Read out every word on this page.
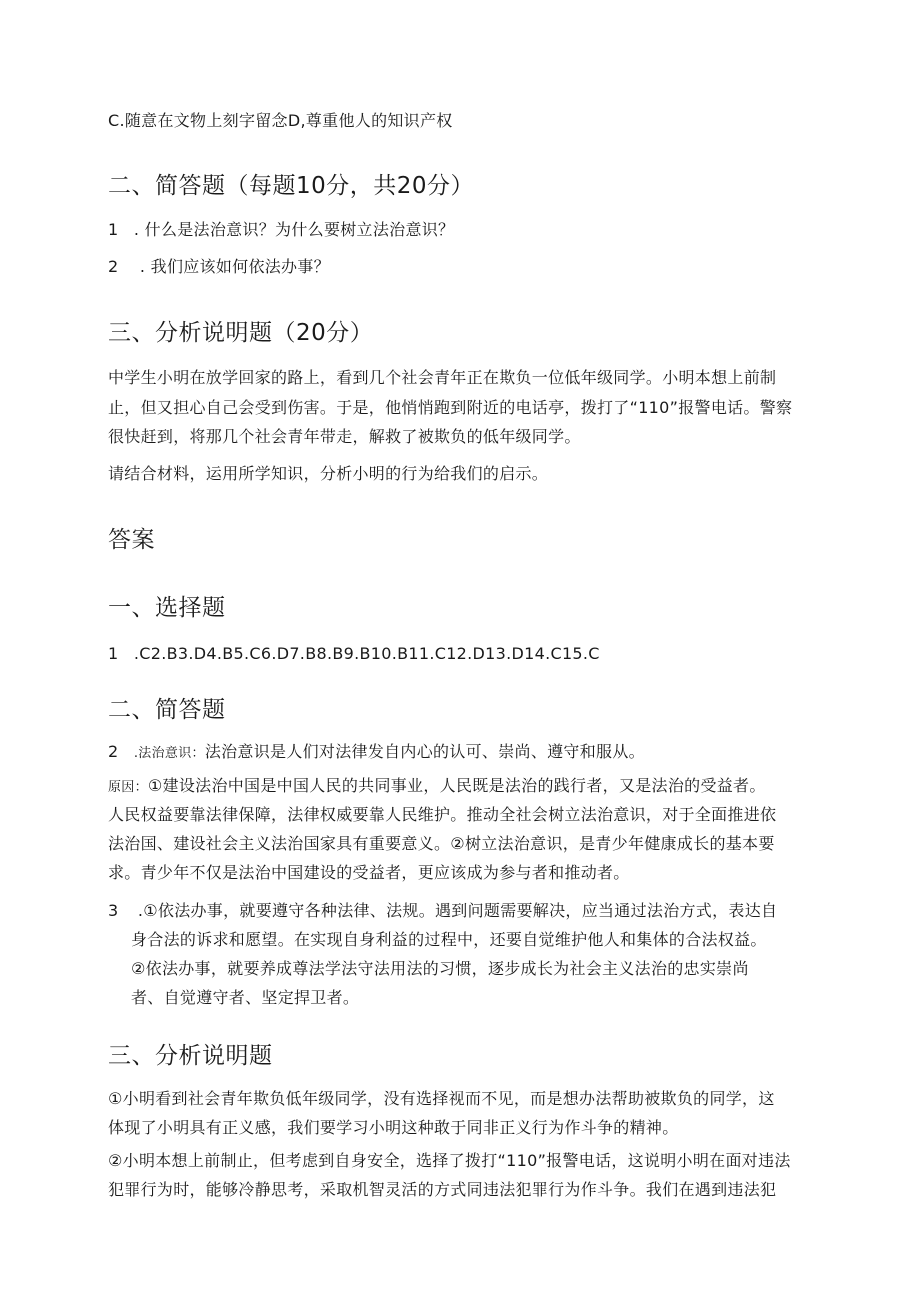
C.随意在文物上刻字留念D,尊重他人的知识产权
二、简答题（每题10分，共20分）
1 . 什么是法治意识？为什么要树立法治意识？
2 . 我们应该如何依法办事？
三、分析说明题（20分）
中学生小明在放学回家的路上，看到几个社会青年正在欺负一位低年级同学。小明本想上前制
止，但又担心自己会受到伤害。于是，他悄悄跑到附近的电话亭，拨打了“110”报警电话。警察
很快赶到，将那几个社会青年带走，解救了被欺负的低年级同学。
请结合材料，运用所学知识，分析小明的行为给我们的启示。
答案
一、选择题
1 .C2.B3.D4.B5.C6.D7.B8.B9.B10.B11.C12.D13.D14.C15.C
二、简答题
2 .法治意识：法治意识是人们对法律发自内心的认可、崇尚、遵守和服从。
原因：①建设法治中国是中国人民的共同事业，人民既是法治的践行者，又是法治的受益者。
人民权益要靠法律保障，法律权威要靠人民维护。推动全社会树立法治意识，对于全面推进依
法治国、建设社会主义法治国家具有重要意义。②树立法治意识，是青少年健康成长的基本要
求。青少年不仅是法治中国建设的受益者，更应该成为参与者和推动者。
3 .①依法办事，就要遵守各种法律、法规。遇到问题需要解决，应当通过法治方式，表达自
身合法的诉求和愿望。在实现自身利益的过程中，还要自觉维护他人和集体的合法权益。
②依法办事，就要养成尊法学法守法用法的习惯，逐步成长为社会主义法治的忠实崇尚
者、自觉遵守者、坚定捍卫者。
三、分析说明题
①小明看到社会青年欺负低年级同学，没有选择视而不见，而是想办法帮助被欺负的同学，这
体现了小明具有正义感，我们要学习小明这种敢于同非正义行为作斗争的精神。
②小明本想上前制止，但考虑到自身安全，选择了拨打“110”报警电话，这说明小明在面对违法
犯罪行为时，能够冷静思考，采取机智灵活的方式同违法犯罪行为作斗争。我们在遇到违法犯
